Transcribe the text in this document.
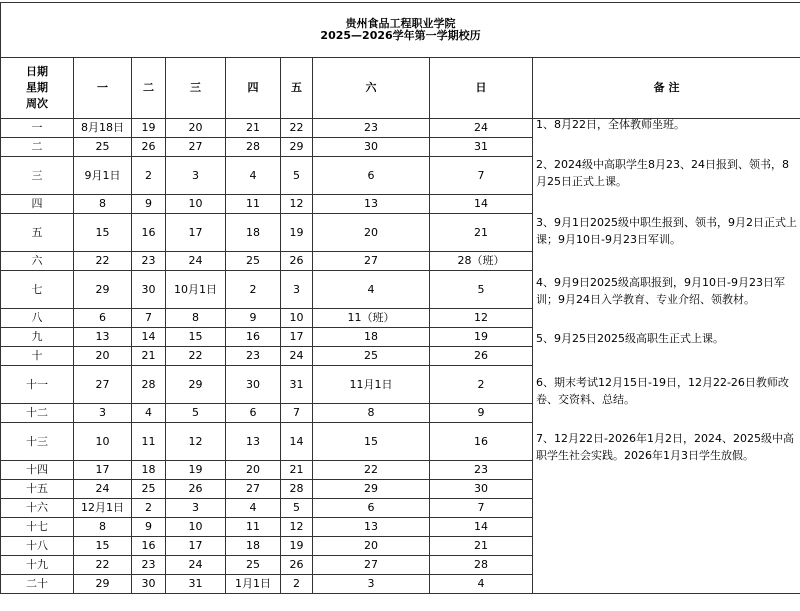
贵州食品工程职业学院
2025—2026学年第一学期校历								

日期
星期
周次	一	二	三	四	五	六	日	备 注
一	8月18日	19	20	21	22	23	24	
二	25	26	27	28	29	30	31	
三	9月1日	2	3	4	5	6	7	
四	8	9	10	11	12	13	14	
五	15	16	17	18	19	20	21	
六	22	23	24	25	26	27	28（班）	
七	29	30	10月1日	2	3	4	5	
八	6	7	8	9	10	11（班）	12	
九	13	14	15	16	17	18	19	
十	20	21	22	23	24	25	26	
十一	27	28	29	30	31	11月1日	2	
十二	3	4	5	6	7	8	9	
十三	10	11	12	13	14	15	16	
十四	17	18	19	20	21	22	23	
十五	24	25	26	27	28	29	30	
十六	12月1日	2	3	4	5	6	7	
十七	8	9	10	11	12	13	14	
十八	15	16	17	18	19	20	21	
十九	22	23	24	25	26	27	28	
二十	29	30	31	1月1日	2	3	4	
1、8月22日，全体教师坐班。
2、2024级中高职学生8月23、24日报到、领书，8月25日正式上课。
3、9月1日2025级中职生报到、领书，9月2日正式上课；9月10日-9月23日军训。
4、9月9日2025级高职报到，9月10日-9月23日军训；9月24日入学教育、专业介绍、领教材。
5、9月25日2025级高职生正式上课。
6、期末考试12月15日-19日，12月22-26日教师改卷、交资料、总结。
7、12月22日-2026年1月2日，2024、2025级中高职学生社会实践。2026年1月3日学生放假。
